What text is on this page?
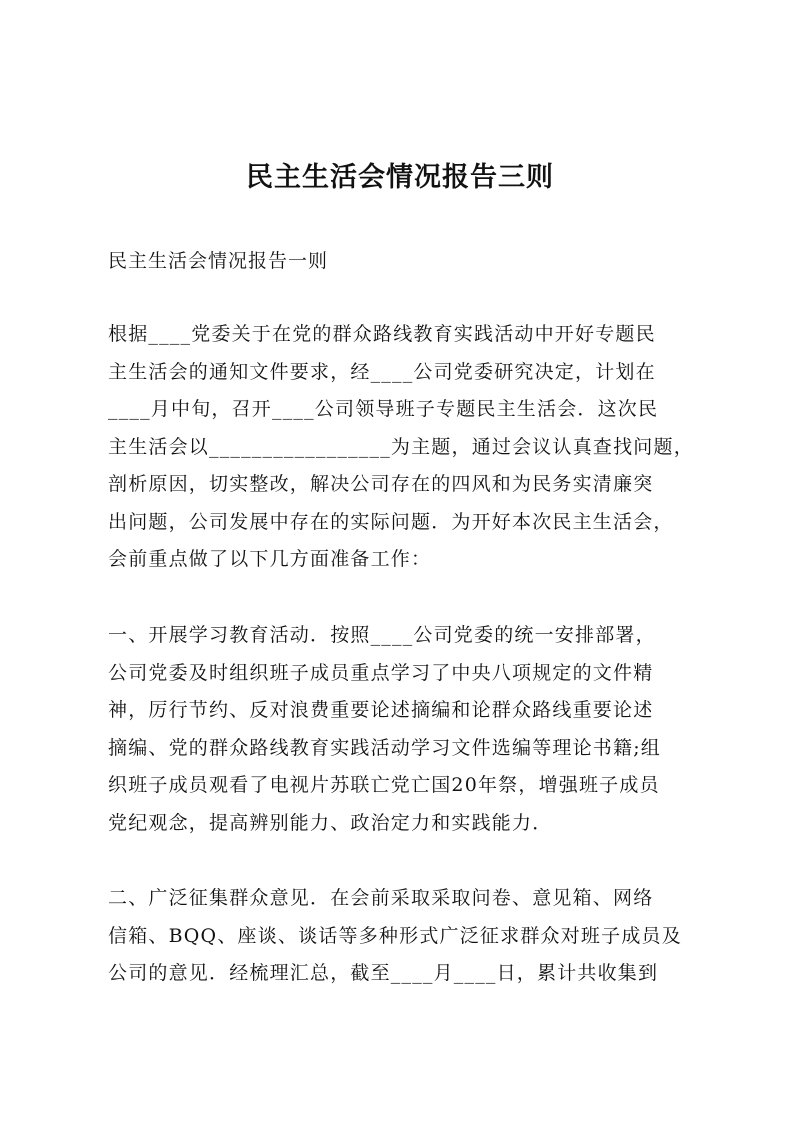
民主生活会情况报告三则

民主生活会情况报告一则

根据____党委关于在党的群众路线教育实践活动中开好专题民
主生活会的通知文件要求，经____公司党委研究决定，计划在
____月中旬，召开____公司领导班子专题民主生活会．这次民
主生活会以_________________为主题，通过会议认真查找问题，
剖析原因，切实整改，解决公司存在的四风和为民务实清廉突
出问题，公司发展中存在的实际问题．为开好本次民主生活会，
会前重点做了以下几方面准备工作：

一、开展学习教育活动．按照____公司党委的统一安排部署，
公司党委及时组织班子成员重点学习了中央八项规定的文件精
神，厉行节约、反对浪费重要论述摘编和论群众路线重要论述
摘编、党的群众路线教育实践活动学习文件选编等理论书籍;组
织班子成员观看了电视片苏联亡党亡国20年祭，增强班子成员
党纪观念，提高辨别能力、政治定力和实践能力．

二、广泛征集群众意见．在会前采取采取问卷、意见箱、网络
信箱、BQQ、座谈、谈话等多种形式广泛征求群众对班子成员及
公司的意见．经梳理汇总，截至____月____日，累计共收集到
